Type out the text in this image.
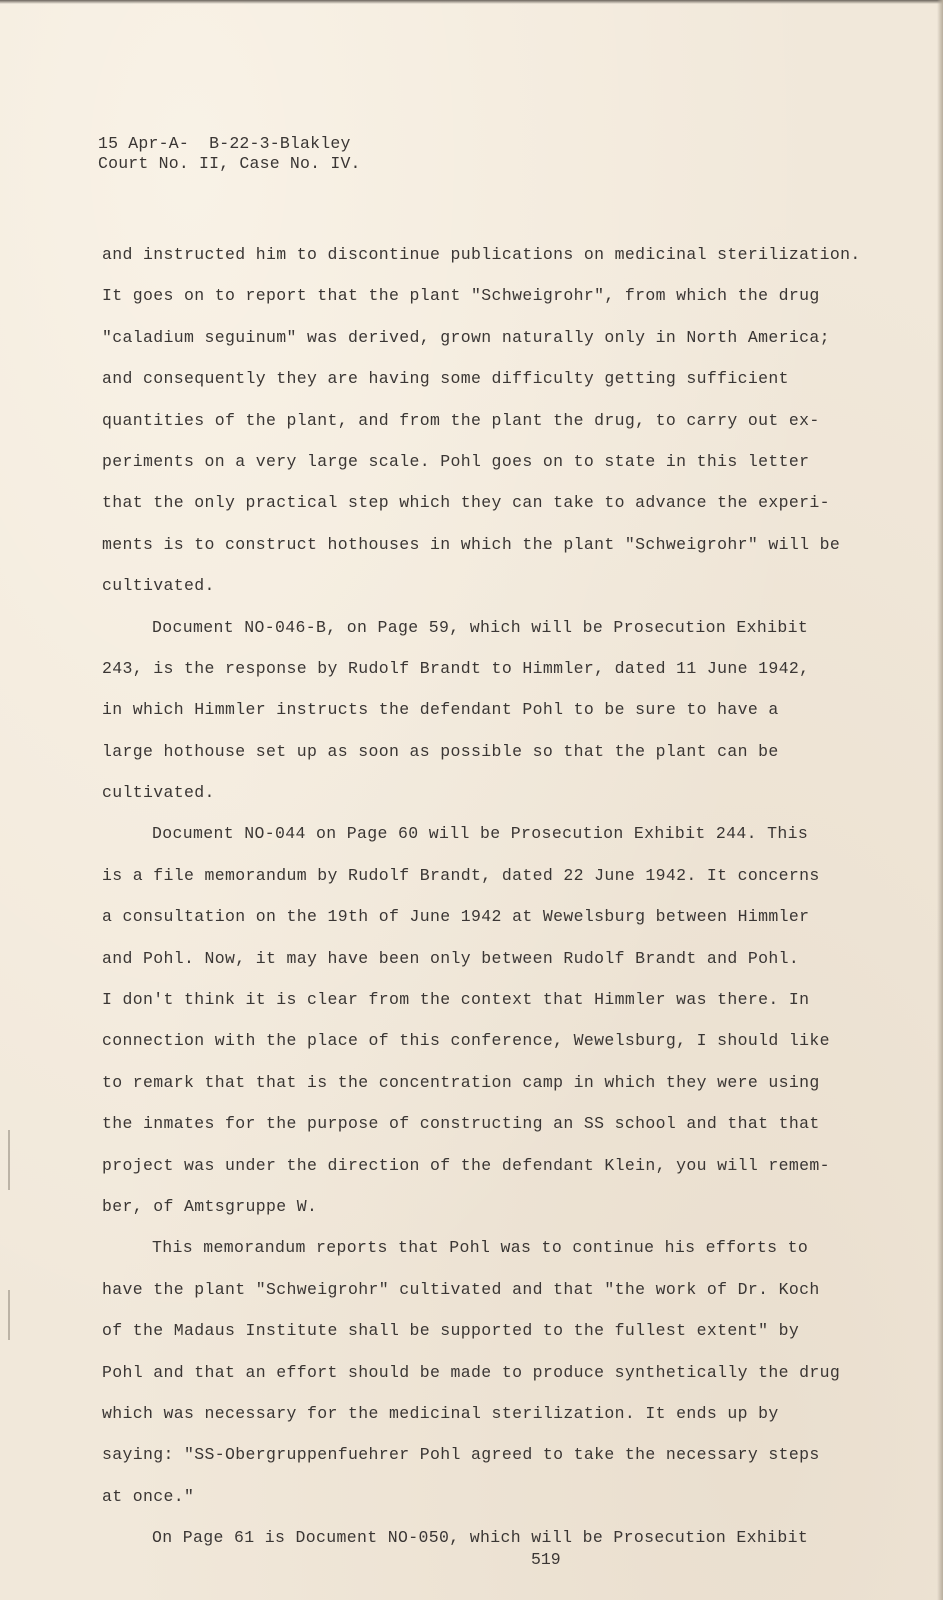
15 Apr-A-  B-22-3-Blakley
Court No. II, Case No. IV.
and instructed him to discontinue publications on medicinal sterilization.
It goes on to report that the plant "Schweigrohr", from which the drug
"caladium seguinum" was derived, grown naturally only in North America;
and consequently they are having some difficulty getting sufficient
quantities of the plant, and from the plant the drug, to carry out ex-
periments on a very large scale. Pohl goes on to state in this letter
that the only practical step which they can take to advance the experi-
ments is to construct hothouses in which the plant "Schweigrohr" will be
cultivated.
Document NO-046-B, on Page 59, which will be Prosecution Exhibit
243, is the response by Rudolf Brandt to Himmler, dated 11 June 1942,
in which Himmler instructs the defendant Pohl to be sure to have a
large hothouse set up as soon as possible so that the plant can be
cultivated.
Document NO-044 on Page 60 will be Prosecution Exhibit 244. This
is a file memorandum by Rudolf Brandt, dated 22 June 1942. It concerns
a consultation on the 19th of June 1942 at Wewelsburg between Himmler
and Pohl. Now, it may have been only between Rudolf Brandt and Pohl.
I don't think it is clear from the context that Himmler was there. In
connection with the place of this conference, Wewelsburg, I should like
to remark that that is the concentration camp in which they were using
the inmates for the purpose of constructing an SS school and that that
project was under the direction of the defendant Klein, you will remem-
ber, of Amtsgruppe W.
This memorandum reports that Pohl was to continue his efforts to
have the plant "Schweigrohr" cultivated and that "the work of Dr. Koch
of the Madaus Institute shall be supported to the fullest extent" by
Pohl and that an effort should be made to produce synthetically the drug
which was necessary for the medicinal sterilization. It ends up by
saying: "SS-Obergruppenfuehrer Pohl agreed to take the necessary steps
at once."
On Page 61 is Document NO-050, which will be Prosecution Exhibit
519
